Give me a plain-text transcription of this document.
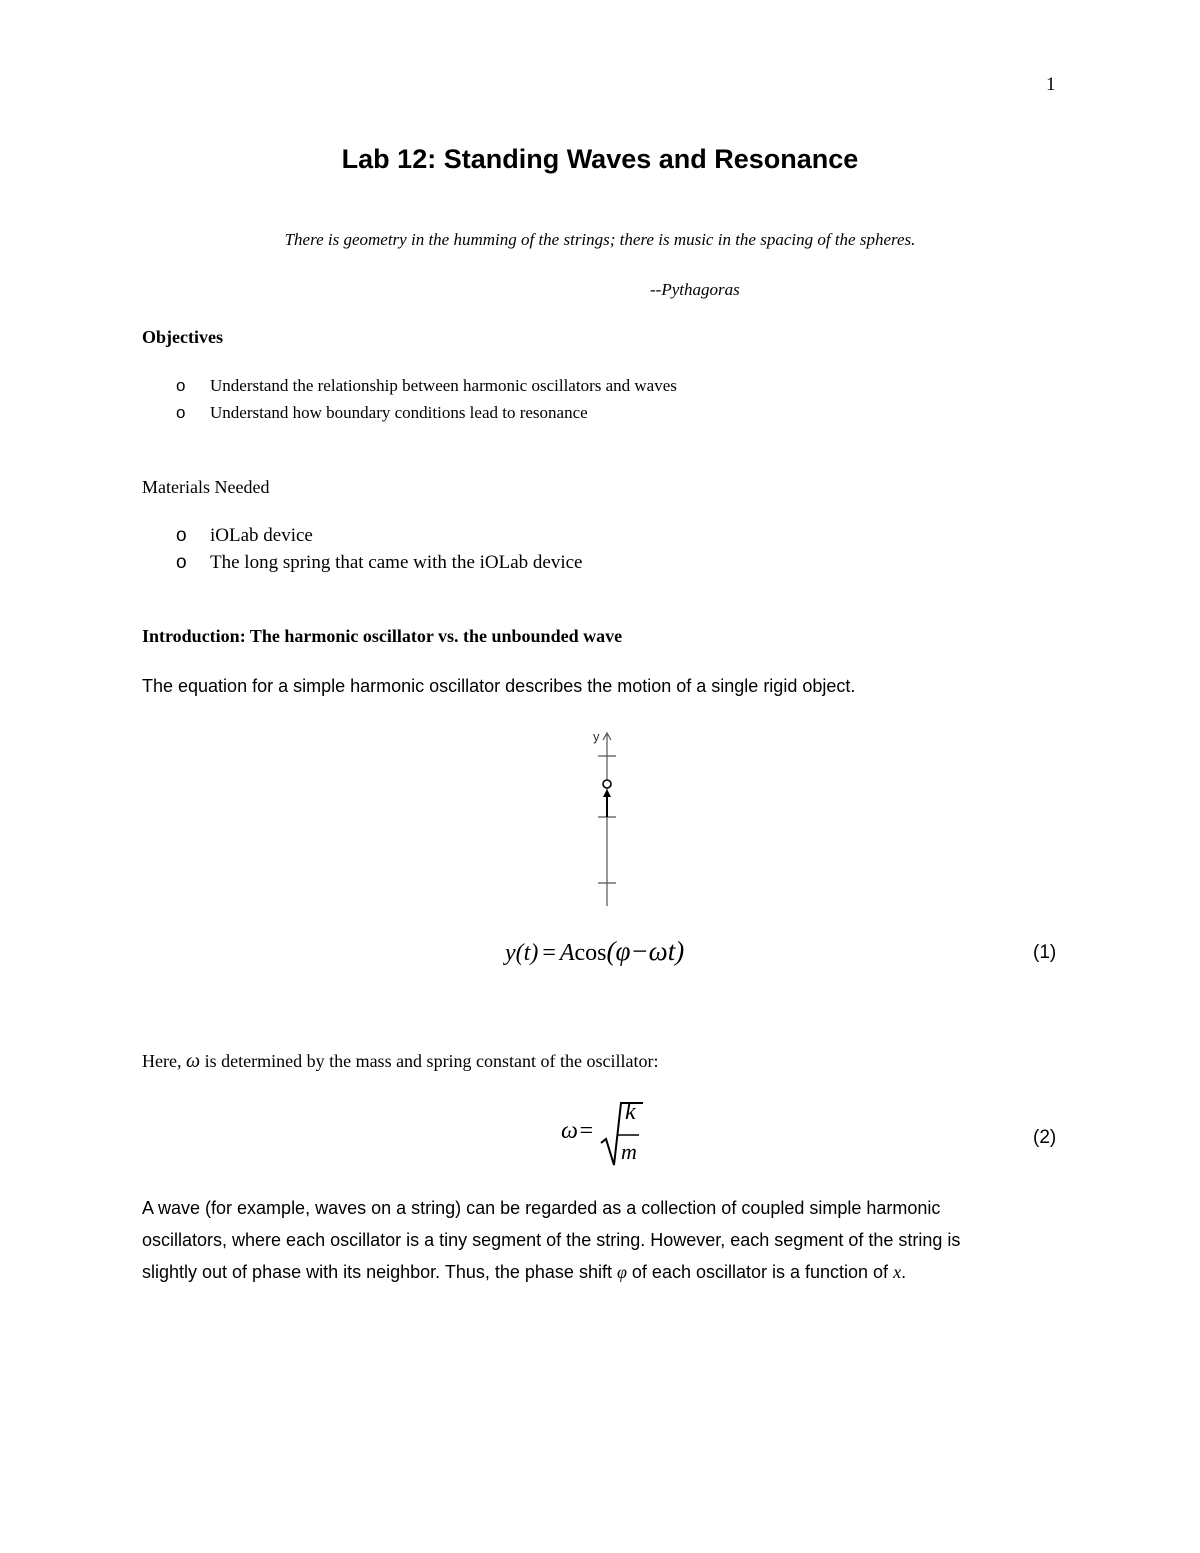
1
Lab 12: Standing Waves and Resonance

There is geometry in the humming of the strings; there is music in the spacing of the spheres.

--Pythagoras

Objectives
o Understand the relationship between harmonic oscillators and waves
o Understand how boundary conditions lead to resonance
Materials Needed
o iOLab device
o The long spring that came with the iOLab device
Introduction: The harmonic oscillator vs. the unbounded wave

The equation for a simple harmonic oscillator describes the motion of a single rigid object.

y
y(t) = Acos(φ−ωt)	(1)

Here, ω is determined by the mass and spring constant of the oscillator:

ω=
k
m
(2)
A wave (for example, waves on a string) can be regarded as a collection of coupled simple harmonic
oscillators, where each oscillator is a tiny segment of the string. However, each segment of the string is
slightly out of phase with its neighbor. Thus, the phase shift φ of each oscillator is a function of x.
